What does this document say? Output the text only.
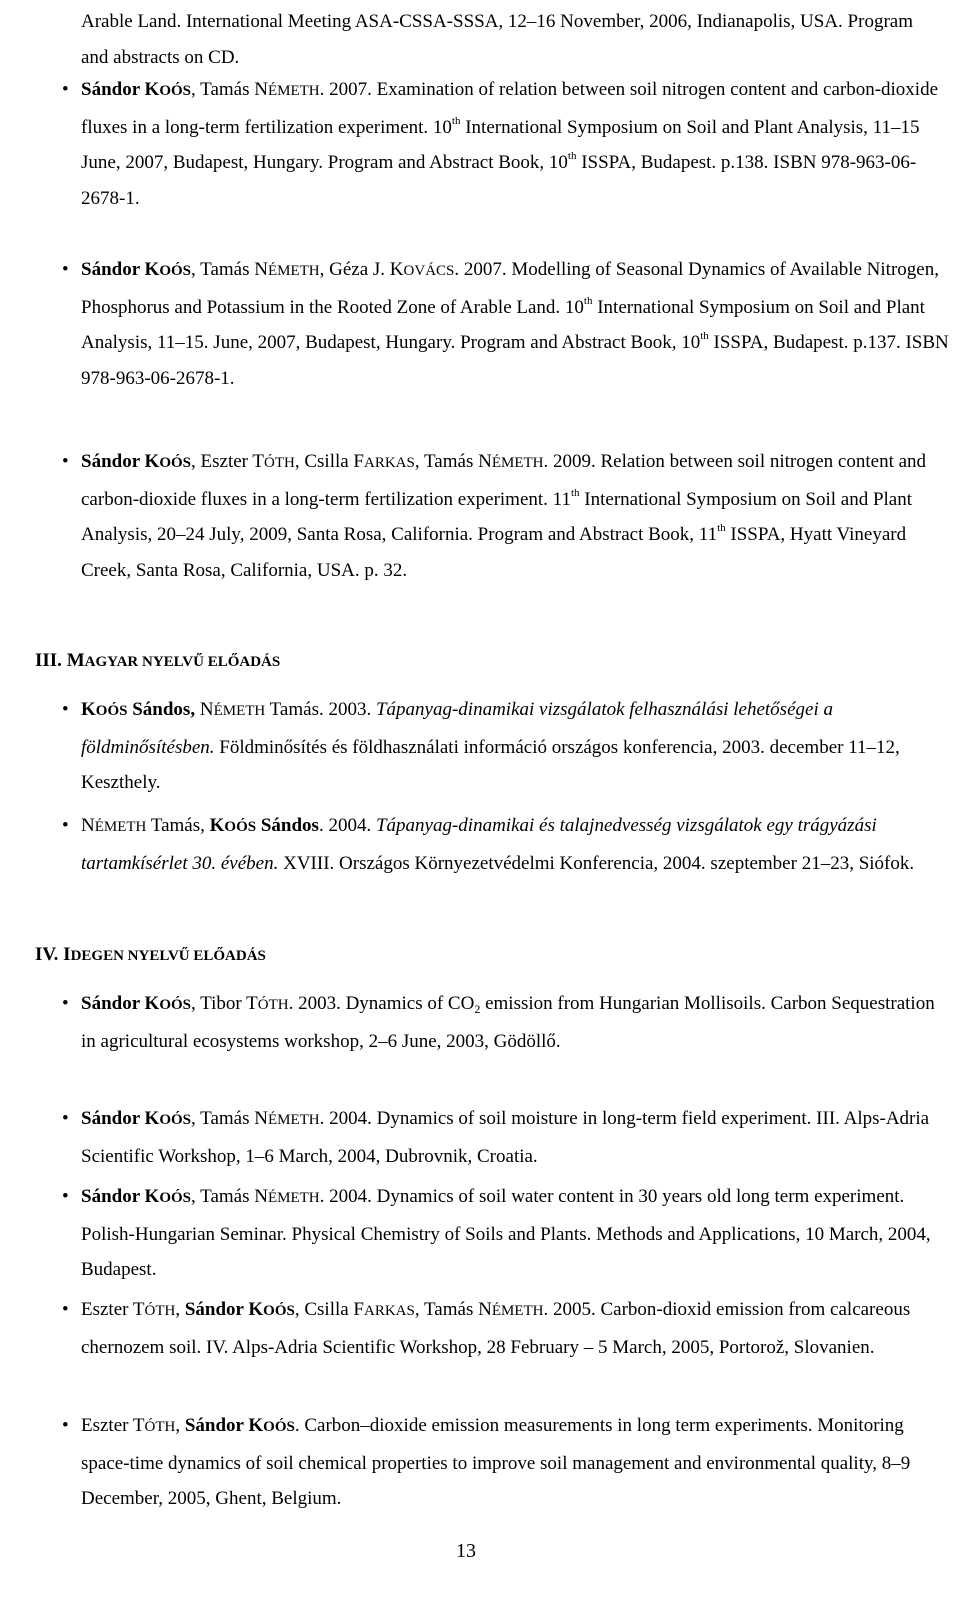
Arable Land. International Meeting ASA-CSSA-SSSA, 12–16 November, 2006, Indianapolis, USA. Program and abstracts on CD.
• Sándor KOÓS, Tamás NÉMETH. 2007. Examination of relation between soil nitrogen content and carbon-dioxide fluxes in a long-term fertilization experiment. 10th International Symposium on Soil and Plant Analysis, 11–15 June, 2007, Budapest, Hungary. Program and Abstract Book, 10th ISSPA, Budapest. p.138. ISBN 978-963-06-2678-1.
• Sándor KOÓS, Tamás NÉMETH, Géza J. KOVÁCS. 2007. Modelling of Seasonal Dynamics of Available Nitrogen, Phosphorus and Potassium in the Rooted Zone of Arable Land. 10th International Symposium on Soil and Plant Analysis, 11–15. June, 2007, Budapest, Hungary. Program and Abstract Book, 10th ISSPA, Budapest. p.137. ISBN 978-963-06-2678-1.
• Sándor KOÓS, Eszter TÓTH, Csilla FARKAS, Tamás NÉMETH. 2009. Relation between soil nitrogen content and carbon-dioxide fluxes in a long-term fertilization experiment. 11th International Symposium on Soil and Plant Analysis, 20–24 July, 2009, Santa Rosa, California. Program and Abstract Book, 11th ISSPA, Hyatt Vineyard Creek, Santa Rosa, California, USA. p. 32.
III. MAGYAR NYELVŰ ELŐADÁS
• KOÓS Sándos, NÉMETH Tamás. 2003. Tápanyag-dinamikai vizsgálatok felhasználási lehetőségei a földminősítésben. Földminősítés és földhasználati információ országos konferencia, 2003. december 11–12, Keszthely.
• NÉMETH Tamás, KOÓS Sándos. 2004. Tápanyag-dinamikai és talajnedvesség vizsgálatok egy trágyázási tartamkísérlet 30. évében. XVIII. Országos Környezetvédelmi Konferencia, 2004. szeptember 21–23, Siófok.
IV. IDEGEN NYELVŰ ELŐADÁS
• Sándor KOÓS, Tibor TÓTH. 2003. Dynamics of $CO_2$ emission from Hungarian Mollisoils. Carbon Sequestration in agricultural ecosystems workshop, 2–6 June, 2003, Gödöllő.
• Sándor KOÓS, Tamás NÉMETH. 2004. Dynamics of soil moisture in long-term field experiment. III. Alps-Adria Scientific Workshop, 1–6 March, 2004, Dubrovnik, Croatia.
• Sándor KOÓS, Tamás NÉMETH. 2004. Dynamics of soil water content in 30 years old long term experiment. Polish-Hungarian Seminar. Physical Chemistry of Soils and Plants. Methods and Applications, 10 March, 2004, Budapest.
• Eszter TÓTH, Sándor KOÓS, Csilla FARKAS, Tamás NÉMETH. 2005. Carbon-dioxid emission from calcareous chernozem soil. IV. Alps-Adria Scientific Workshop, 28 February – 5 March, 2005, Portorož, Slovanien.
• Eszter TÓTH, Sándor KOÓS. Carbon–dioxide emission measurements in long term experiments. Monitoring space-time dynamics of soil chemical properties to improve soil management and environmental quality, 8–9 December, 2005, Ghent, Belgium.
13
